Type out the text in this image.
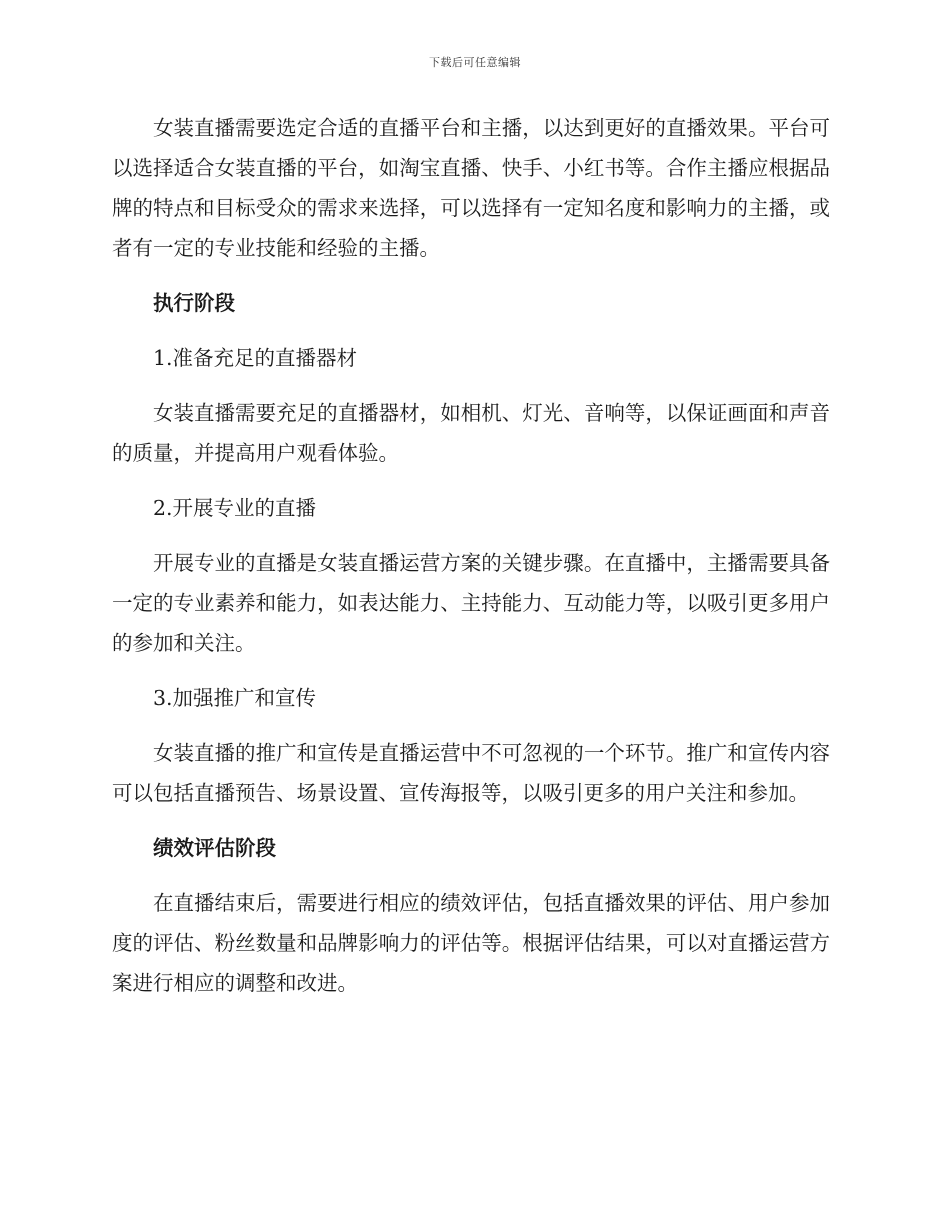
下载后可任意编辑

女装直播需要选定合适的直播平台和主播，以达到更好的直播效果。平台可以选择适合女装直播的平台，如淘宝直播、快手、小红书等。合作主播应根据品牌的特点和目标受众的需求来选择，可以选择有一定知名度和影响力的主播，或者有一定的专业技能和经验的主播。

执行阶段

1.准备充足的直播器材

女装直播需要充足的直播器材，如相机、灯光、音响等，以保证画面和声音的质量，并提高用户观看体验。

2.开展专业的直播

开展专业的直播是女装直播运营方案的关键步骤。在直播中，主播需要具备一定的专业素养和能力，如表达能力、主持能力、互动能力等，以吸引更多用户的参加和关注。

3.加强推广和宣传

女装直播的推广和宣传是直播运营中不可忽视的一个环节。推广和宣传内容可以包括直播预告、场景设置、宣传海报等，以吸引更多的用户关注和参加。

绩效评估阶段

在直播结束后，需要进行相应的绩效评估，包括直播效果的评估、用户参加度的评估、粉丝数量和品牌影响力的评估等。根据评估结果，可以对直播运营方案进行相应的调整和改进。
